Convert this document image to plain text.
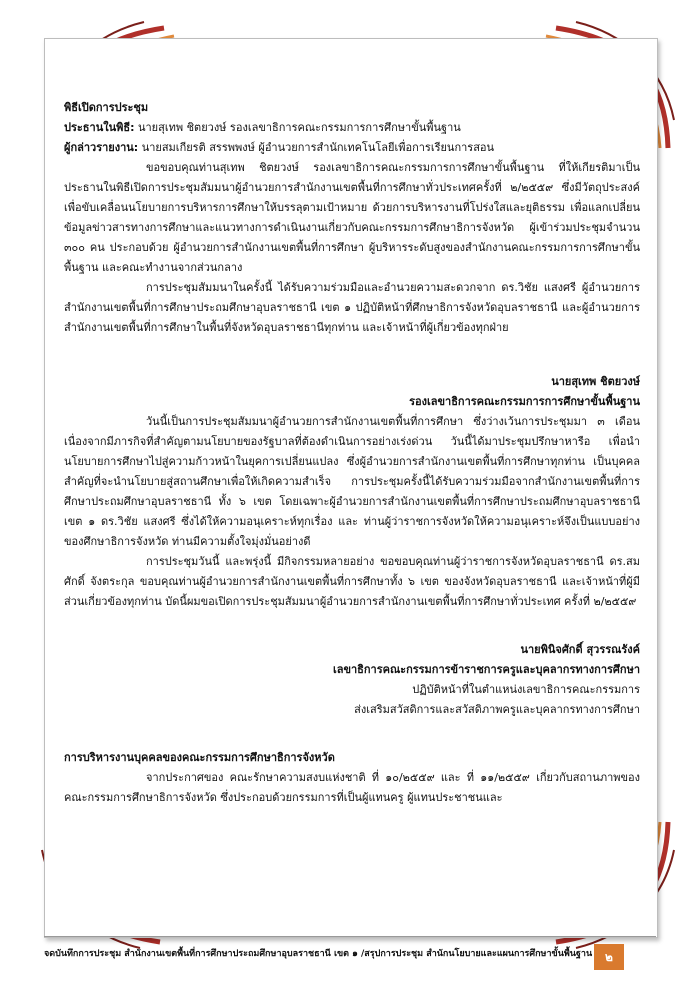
พิธีเปิดการประชุม

ประธานในพิธี: นายสุเทพ ชิตยวงษ์ รองเลขาธิการคณะกรรมการการศึกษาขั้นพื้นฐาน

ผู้กล่าวรายงาน: นายสมเกียรติ สรรพพงษ์ ผู้อำนวยการสำนักเทคโนโลยีเพื่อการเรียนการสอน

ขอขอบคุณท่านสุเทพ ชิตยวงษ์ รองเลขาธิการคณะกรรมการการศึกษาขั้นพื้นฐาน ที่ให้เกียรติมาเป็นประธานในพิธีเปิดการประชุมสัมมนาผู้อำนวยการสำนักงานเขตพื้นที่การศึกษาทั่วประเทศครั้งที่ ๒/๒๕๕๙ ซึ่งมีวัตถุประสงค์ เพื่อขับเคลื่อนนโยบายการบริหารการศึกษาให้บรรลุตามเป้าหมาย ด้วยการบริหารงานที่โปร่งใสและยุติธรรม เพื่อแลกเปลี่ยนข้อมูลข่าวสารทางการศึกษาและแนวทางการดำเนินงานเกี่ยวกับคณะกรรมการศึกษาธิการจังหวัด ผู้เข้าร่วมประชุมจำนวน ๓๐๐ คน ประกอบด้วย ผู้อำนวยการสำนักงานเขตพื้นที่การศึกษา ผู้บริหารระดับสูงของสำนักงานคณะกรรมการการศึกษาขั้นพื้นฐาน และคณะทำงานจากส่วนกลาง

การประชุมสัมมนาในครั้งนี้ ได้รับความร่วมมือและอำนวยความสะดวกจาก ดร.วิชัย แสงศรี ผู้อำนวยการสำนักงานเขตพื้นที่การศึกษาประถมศึกษาอุบลราชธานี เขต ๑ ปฏิบัติหน้าที่ศึกษาธิการจังหวัดอุบลราชธานี และผู้อำนวยการสำนักงานเขตพื้นที่การศึกษาในพื้นที่จังหวัดอุบลราชธานีทุกท่าน และเจ้าหน้าที่ผู้เกี่ยวข้องทุกฝ่าย

นายสุเทพ ชิตยวงษ์

รองเลขาธิการคณะกรรมการการศึกษาขั้นพื้นฐาน

วันนี้เป็นการประชุมสัมมนาผู้อำนวยการสำนักงานเขตพื้นที่การศึกษา ซึ่งว่างเว้นการประชุมมา ๓ เดือน เนื่องจากมีภารกิจที่สำคัญตามนโยบายของรัฐบาลที่ต้องดำเนินการอย่างเร่งด่วน วันนี้ได้มาประชุมปรึกษาหารือ เพื่อนำนโยบายการศึกษาไปสู่ความก้าวหน้าในยุคการเปลี่ยนแปลง ซึ่งผู้อำนวยการสำนักงานเขตพื้นที่การศึกษาทุกท่าน เป็นบุคคลสำคัญที่จะนำนโยบายสู่สถานศึกษาเพื่อให้เกิดความสำเร็จ การประชุมครั้งนี้ได้รับความร่วมมือจากสำนักงานเขตพื้นที่การศึกษาประถมศึกษาอุบลราชธานี ทั้ง ๖ เขต โดยเฉพาะผู้อำนวยการสำนักงานเขตพื้นที่การศึกษาประถมศึกษาอุบลราชธานี เขต ๑ ดร.วิชัย แสงศรี ซึ่งได้ให้ความอนุเคราะห์ทุกเรื่อง และ ท่านผู้ว่าราชการจังหวัดให้ความอนุเคราะห์จึงเป็นแบบอย่างของศึกษาธิการจังหวัด ท่านมีความตั้งใจมุ่งมั่นอย่างดี

การประชุมวันนี้ และพรุ่งนี้ มีกิจกรรมหลายอย่าง ขอขอบคุณท่านผู้ว่าราชการจังหวัดอุบลราชธานี ดร.สมศักดิ์ จังตระกุล ขอบคุณท่านผู้อำนวยการสำนักงานเขตพื้นที่การศึกษาทั้ง ๖ เขต ของจังหวัดอุบลราชธานี และเจ้าหน้าที่ผู้มีส่วนเกี่ยวข้องทุกท่าน บัดนี้ผมขอเปิดการประชุมสัมมนาผู้อำนวยการสำนักงานเขตพื้นที่การศึกษาทั่วประเทศ ครั้งที่ ๒/๒๕๕๙

นายพินิจศักดิ์ สุวรรณรังค์

เลขาธิการคณะกรรมการข้าราชการครูและบุคลากรทางการศึกษา

ปฏิบัติหน้าที่ในตำแหน่งเลขาธิการคณะกรรมการ

ส่งเสริมสวัสดิการและสวัสดิภาพครูและบุคลากรทางการศึกษา

การบริหารงานบุคคลของคณะกรรมการศึกษาธิการจังหวัด

จากประกาศของ คณะรักษาความสงบแห่งชาติ ที่ ๑๐/๒๕๕๙ และ ที่ ๑๑/๒๕๕๙ เกี่ยวกับสถานภาพของคณะกรรมการศึกษาธิการจังหวัด ซึ่งประกอบด้วยกรรมการที่เป็นผู้แทนครู ผู้แทนประชาชนและ

จดบันทึกการประชุม สำนักงานเขตพื้นที่การศึกษาประถมศึกษาอุบลราชธานี เขต ๑ /สรุปการประชุม สำนักนโยบายและแผนการศึกษาขั้นพื้นฐาน	๒
